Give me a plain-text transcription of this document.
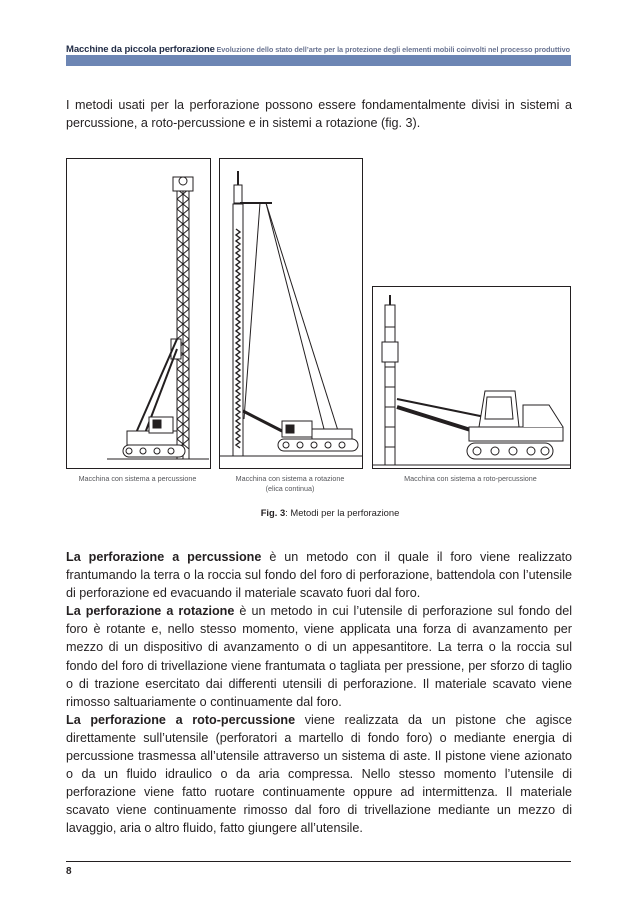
Macchine da piccola perforazione Evoluzione dello stato dell’arte per la protezione degli elementi mobili coinvolti nel processo produttivo
I metodi usati per la perforazione possono essere fondamentalmente divisi in sistemi a percussione, a roto-percussione e in sistemi a rotazione (fig. 3).
Macchina con sistema a percussione	Macchina con sistema a rotazione
(elica continua)
Macchina con sistema a roto-percussione
Fig. 3: Metodi per la perforazione

La perforazione a percussione è un metodo con il quale il foro viene realizzato frantumando la terra o la roccia sul fondo del foro di perforazione, battendola con l’utensile di perforazione ed evacuando il materiale scavato fuori dal foro.

La perforazione a rotazione è un metodo in cui l’utensile di perforazione sul fondo del foro è rotante e, nello stesso momento, viene applicata una forza di avanzamento per mezzo di un dispositivo di avanzamento o di un appesantitore. La terra o la roccia sul fondo del foro di trivellazione viene frantumata o tagliata per pressione, per sforzo di taglio o di trazione esercitato dai differenti utensili di perforazione. Il materiale scavato viene rimosso saltuariamente o continuamente dal foro.

La perforazione a roto-percussione viene realizzata da un pistone che agisce direttamente sull’utensile (perforatori a martello di fondo foro) o mediante energia di percussione trasmessa all’utensile attraverso un sistema di aste. Il pistone viene azionato o da un fluido idraulico o da aria compressa. Nello stesso momento l’utensile di perforazione viene fatto ruotare continuamente oppure ad intermittenza. Il materiale scavato viene continuamente rimosso dal foro di trivellazione mediante un mezzo di lavaggio, aria o altro fluido, fatto giungere all’utensile.

8
